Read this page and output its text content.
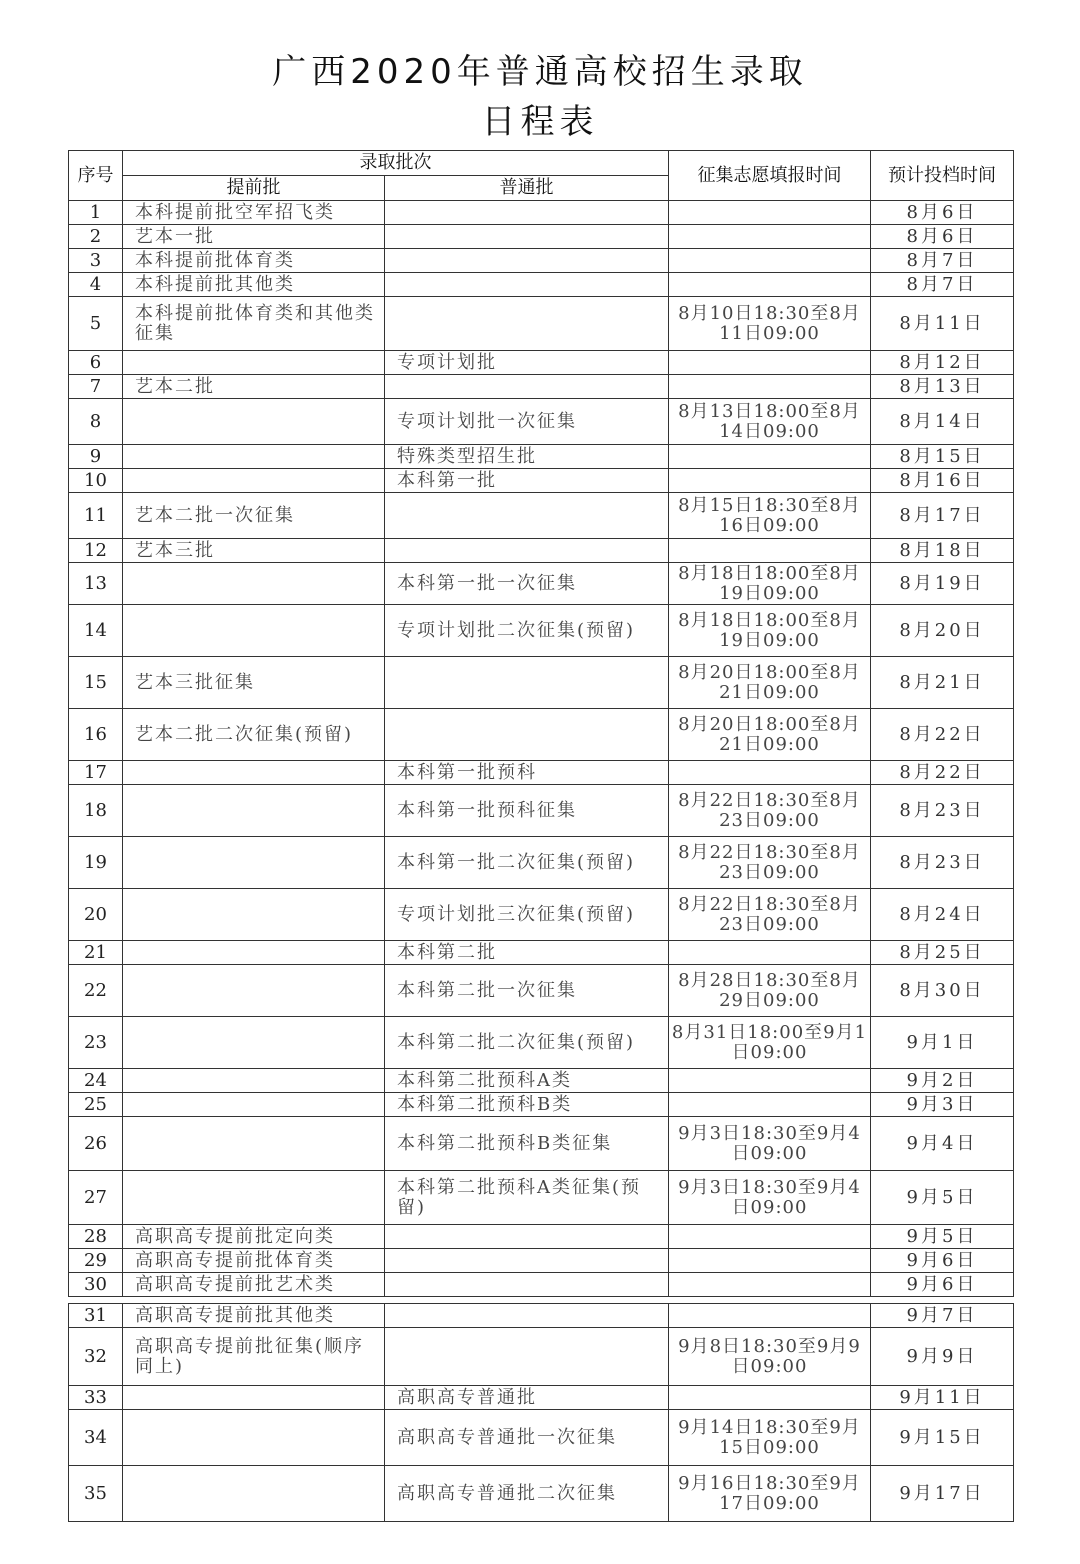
广西2020年普通高校招生录取
日程表
序号	录取批次		征集志愿填报时间	预计投档时间
	提前批	普通批		
1	本科提前批空军招飞类			8月6日
2	艺本一批			8月6日
3	本科提前批体育类			8月7日
4	本科提前批其他类			8月7日
5	本科提前批体育类和其他类征集		8月10日18:30至8月11日09:00	8月11日
6		专项计划批		8月12日
7	艺本二批			8月13日
8		专项计划批一次征集	8月13日18:00至8月14日09:00	8月14日
9		特殊类型招生批		8月15日
10		本科第一批		8月16日
11	艺本二批一次征集		8月15日18:30至8月16日09:00	8月17日
12	艺本三批			8月18日
13		本科第一批一次征集	8月18日18:00至8月19日09:00	8月19日
14		专项计划批二次征集(预留)	8月18日18:00至8月19日09:00	8月20日
15	艺本三批征集		8月20日18:00至8月21日09:00	8月21日
16	艺本二批二次征集(预留)		8月20日18:00至8月21日09:00	8月22日
17		本科第一批预科		8月22日
18		本科第一批预科征集	8月22日18:30至8月23日09:00	8月23日
19		本科第一批二次征集(预留)	8月22日18:30至8月23日09:00	8月23日
20		专项计划批三次征集(预留)	8月22日18:30至8月23日09:00	8月24日
21		本科第二批		8月25日
22		本科第二批一次征集	8月28日18:30至8月29日09:00	8月30日
23		本科第二批二次征集(预留)	8月31日18:00至9月1日09:00	9月1日
24		本科第二批预科A类		9月2日
25		本科第二批预科B类		9月3日
26		本科第二批预科B类征集	9月3日18:30至9月4日09:00	9月4日
27		本科第二批预科A类征集(预留)	9月3日18:30至9月4日09:00	9月5日
28	高职高专提前批定向类			9月5日
29	高职高专提前批体育类			9月6日
30	高职高专提前批艺术类			9月6日
31	高职高专提前批其他类			9月7日
32	高职高专提前批征集(顺序同上)		9月8日18:30至9月9日09:00	9月9日
33		高职高专普通批		9月11日
34		高职高专普通批一次征集	9月14日18:30至9月15日09:00	9月15日
35		高职高专普通批二次征集	9月16日18:30至9月17日09:00	9月17日
